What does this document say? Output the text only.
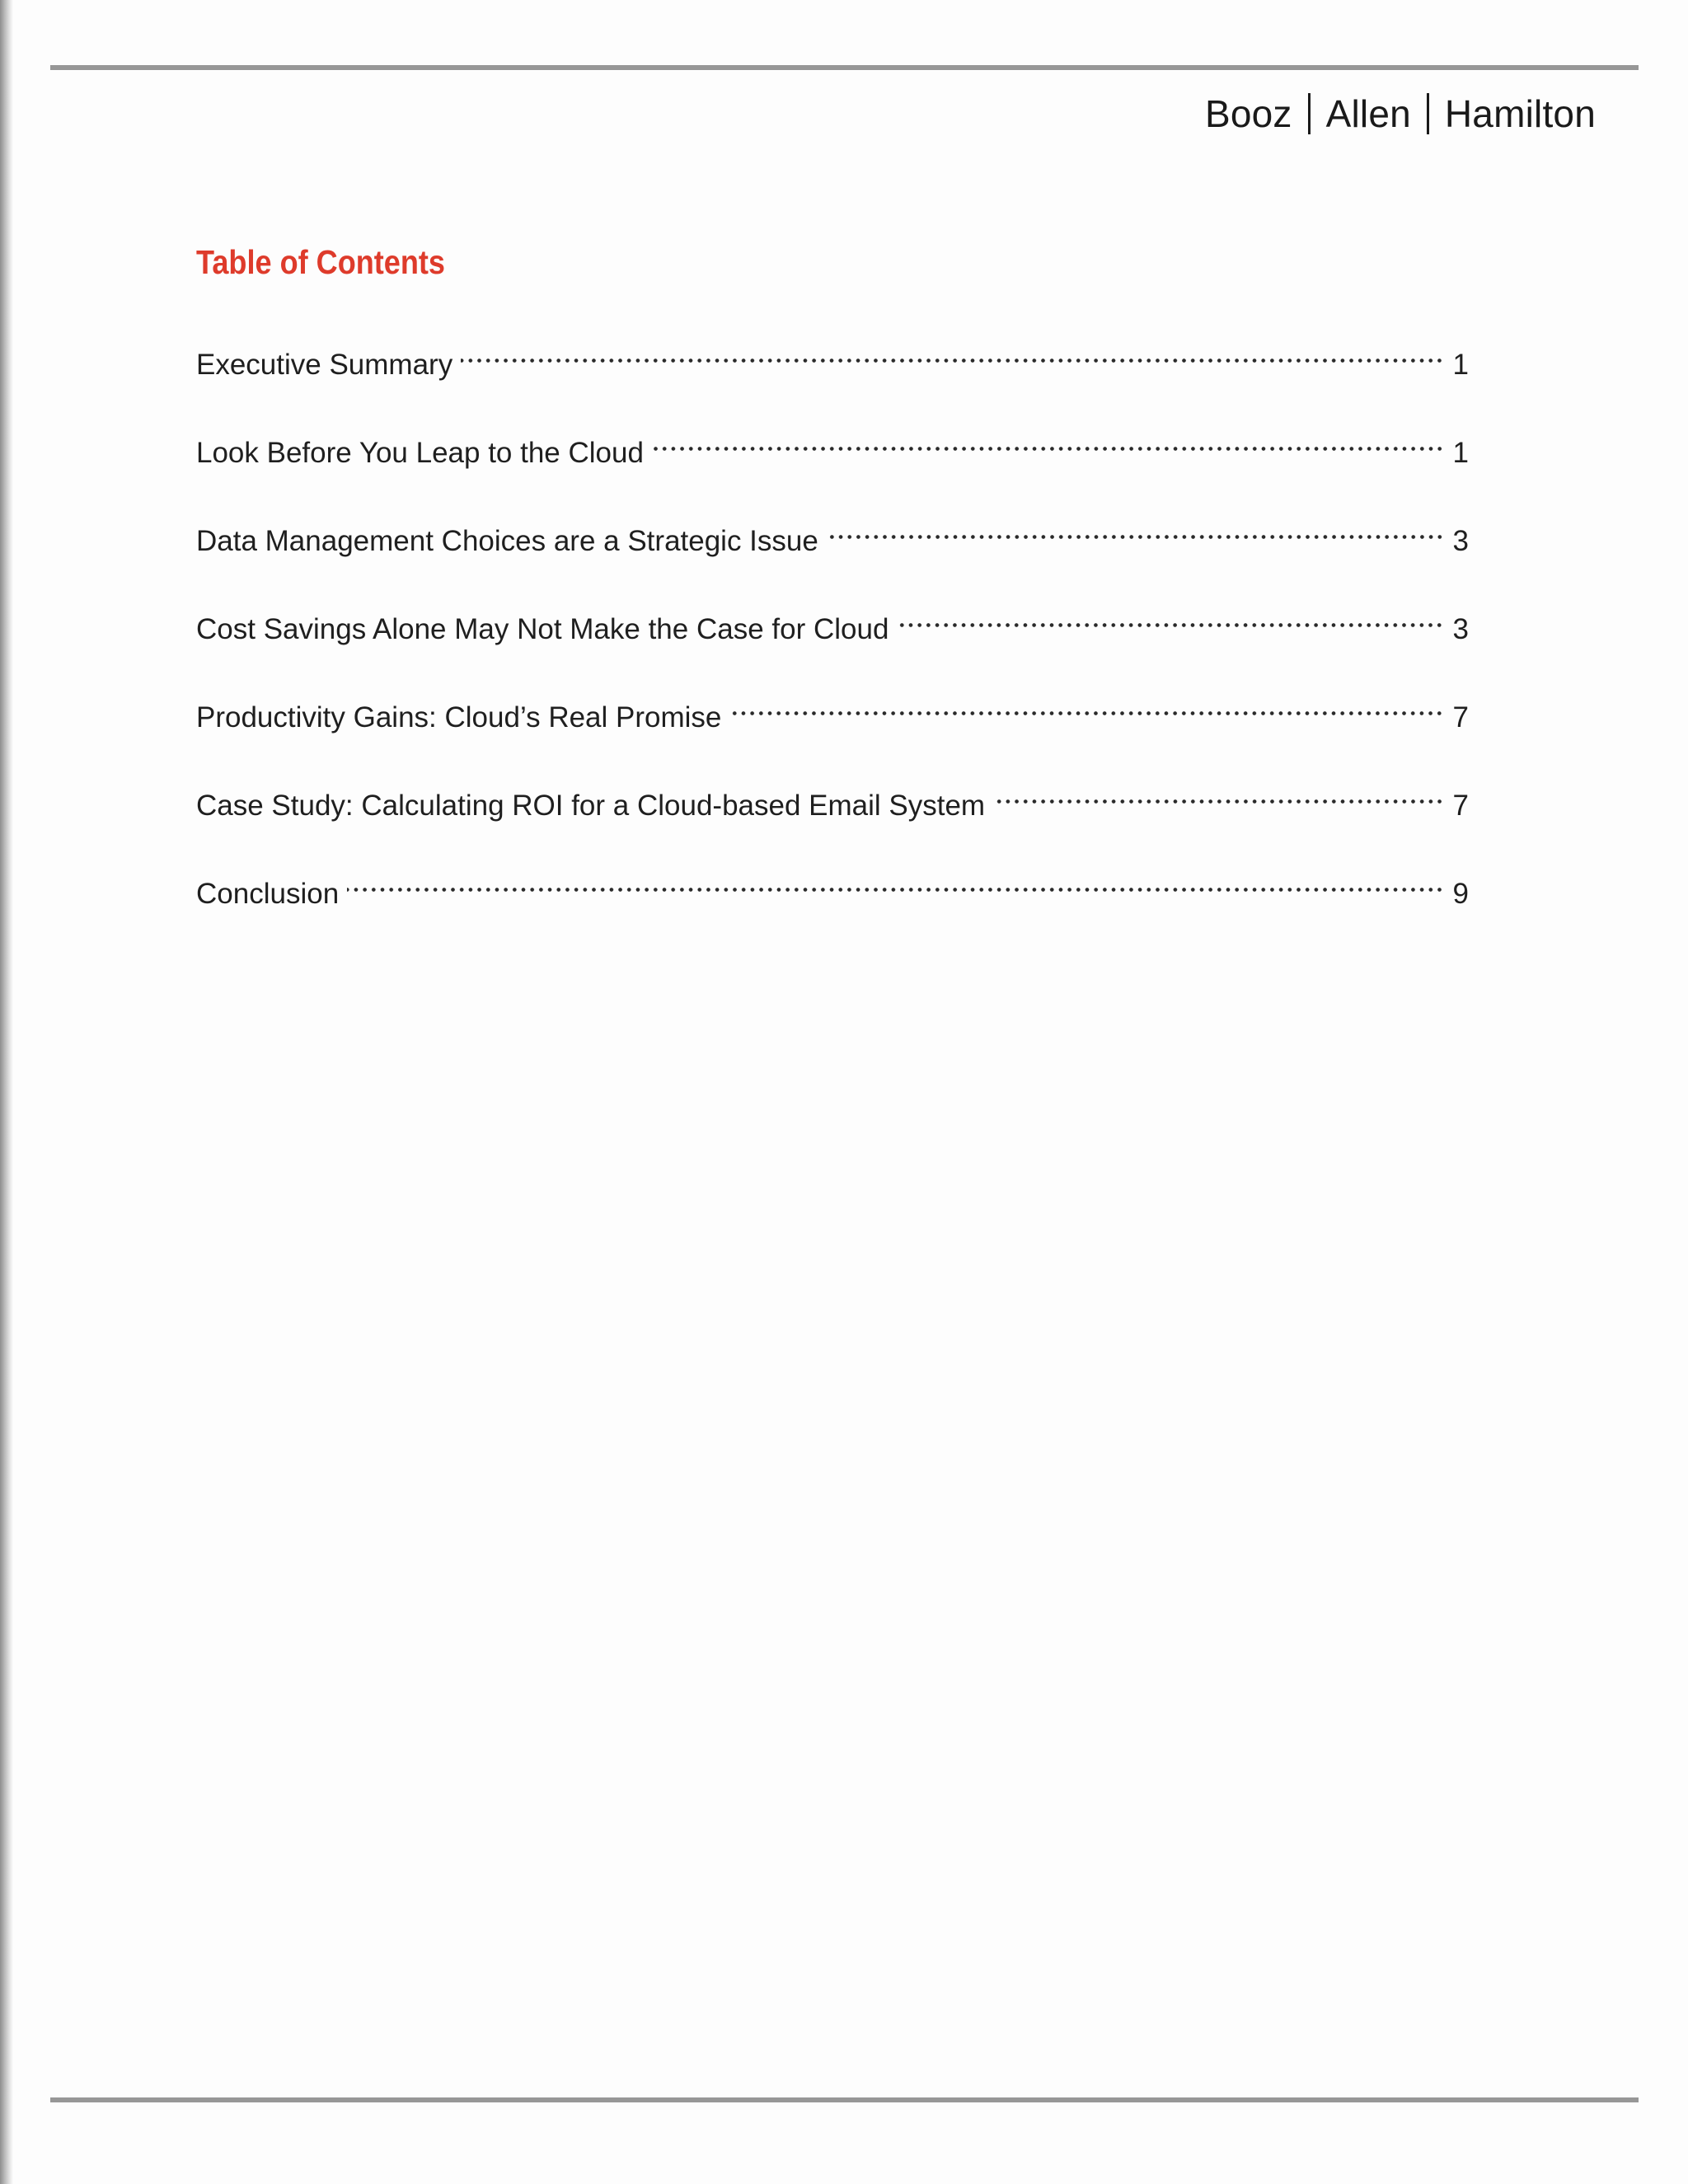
Booz Allen Hamilton
Table of Contents
Executive Summary	1
Look Before You Leap to the Cloud	1
Data Management Choices are a Strategic Issue	3
Cost Savings Alone May Not Make the Case for Cloud	3
Productivity Gains: Cloud’s Real Promise	7
Case Study: Calculating ROI for a Cloud-based Email System	7
Conclusion	9
